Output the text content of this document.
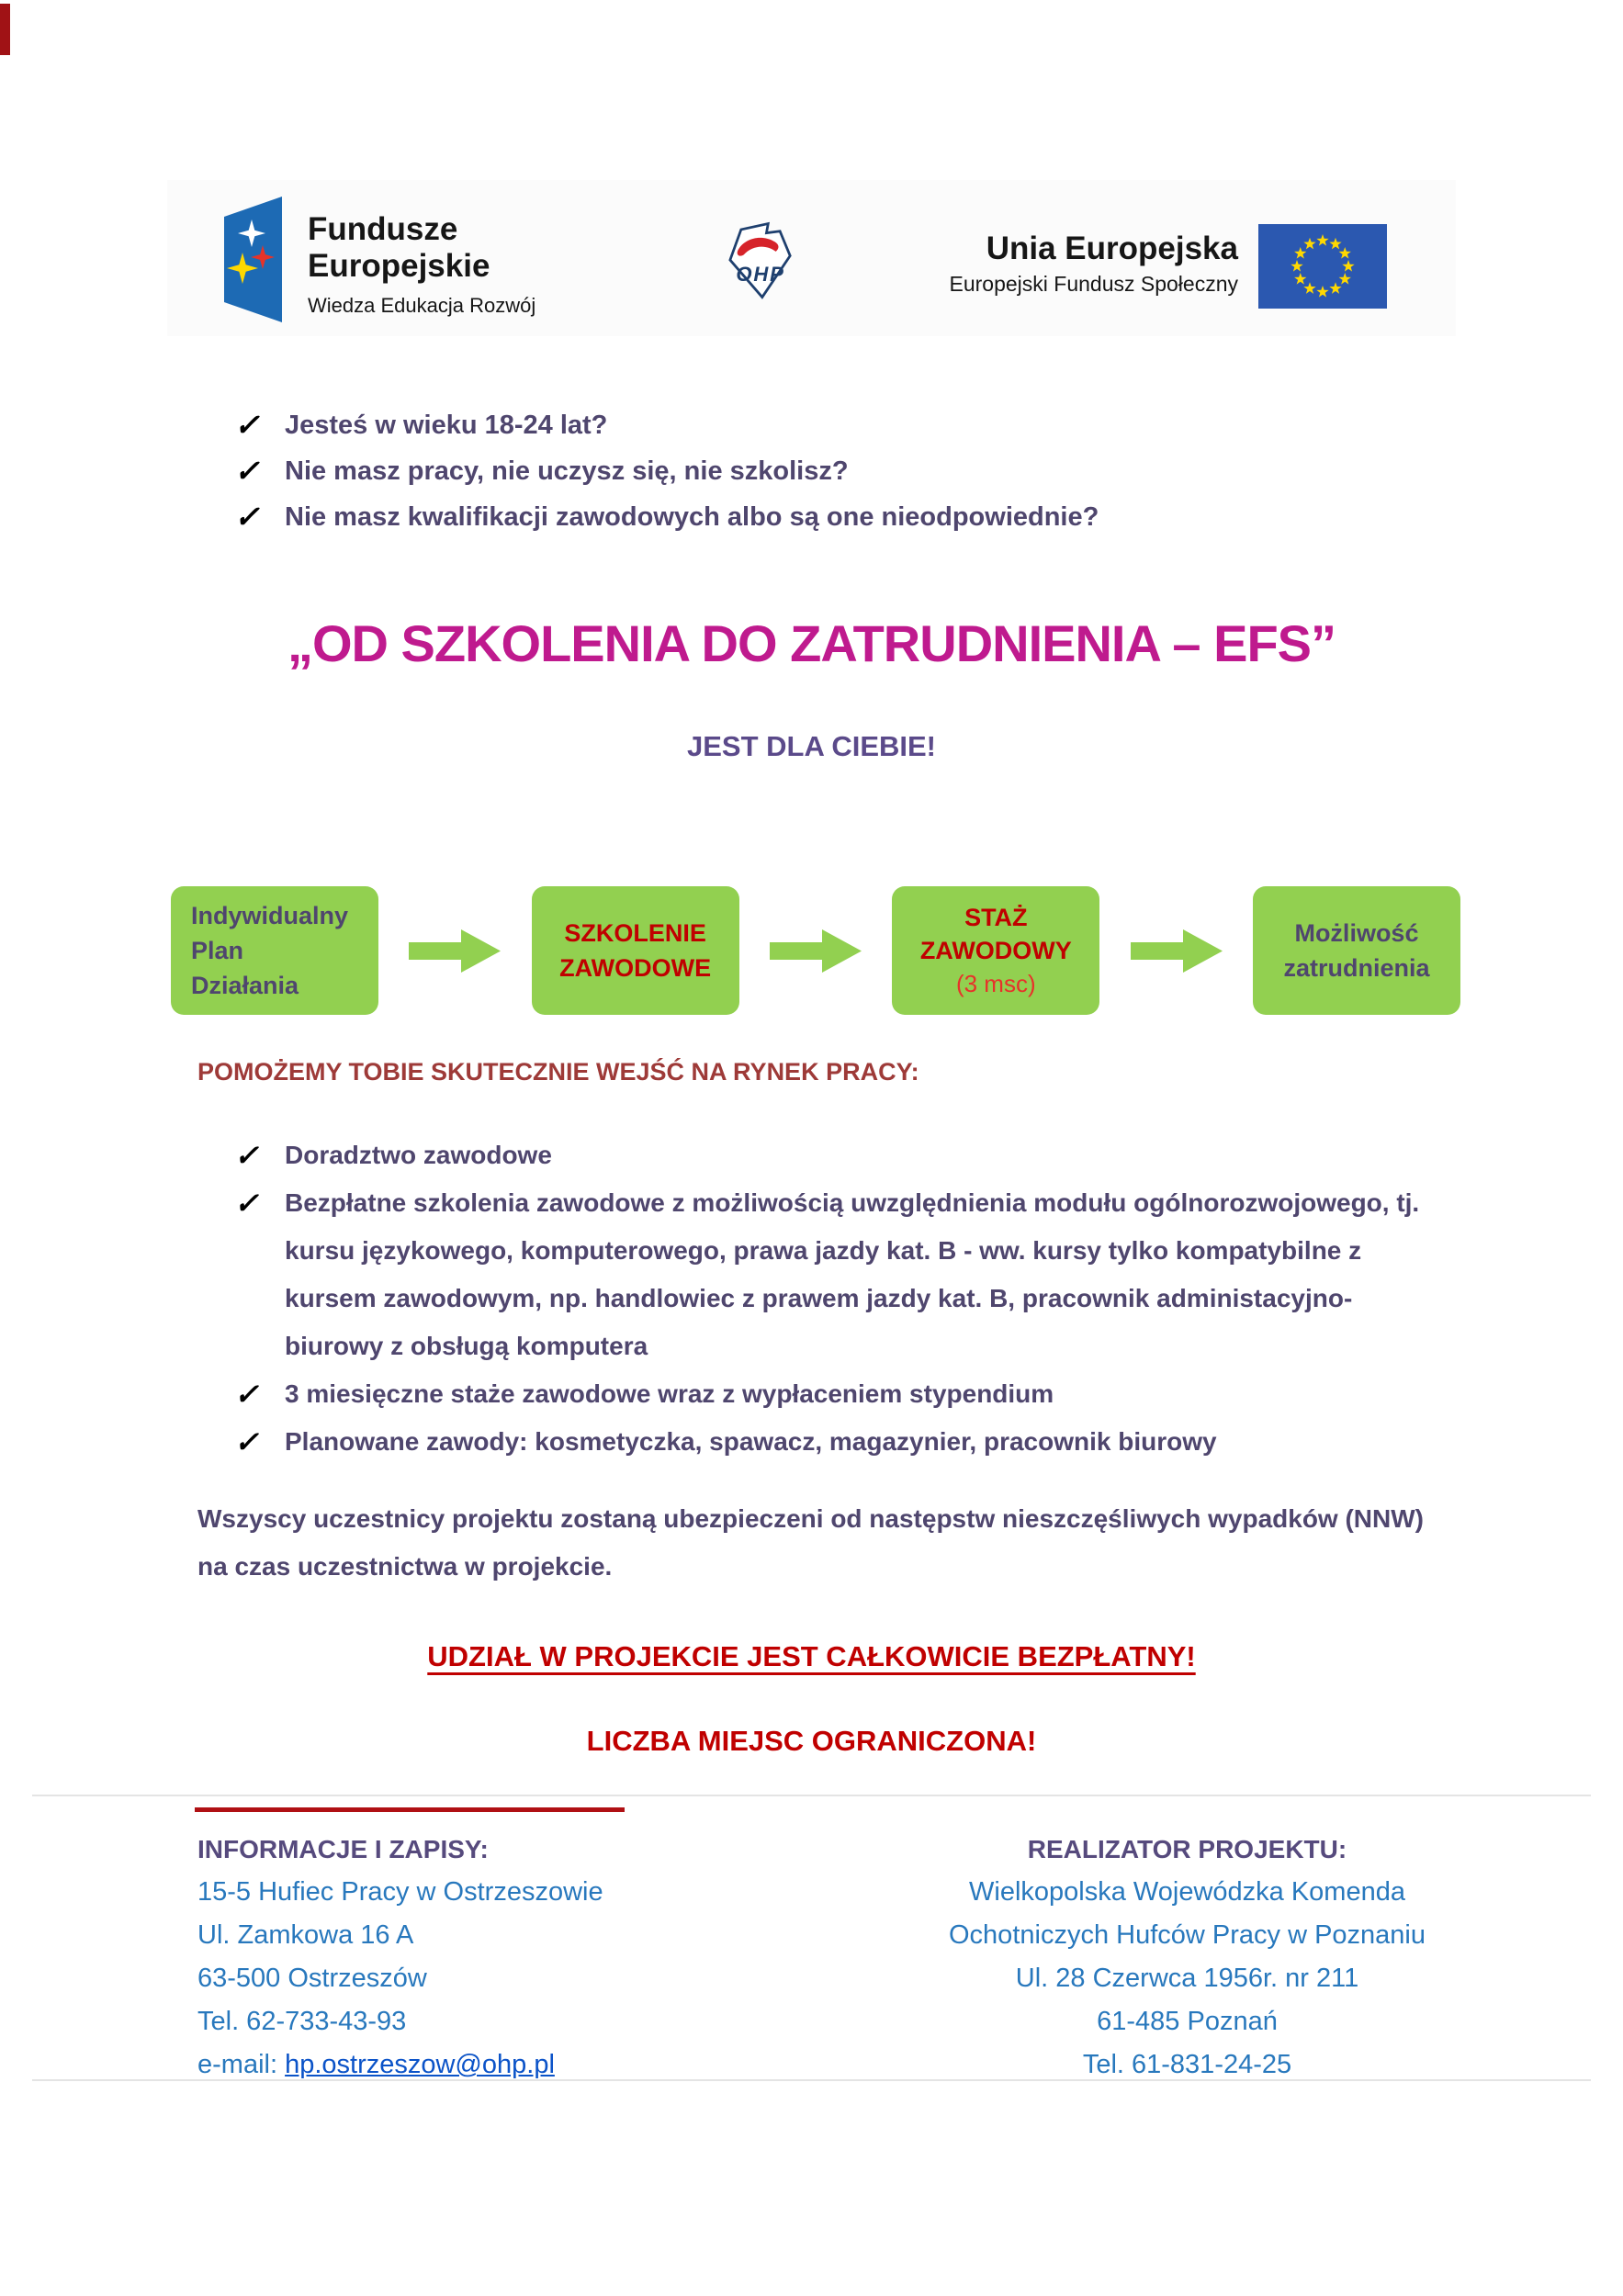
Fundusze
Europejskie
Wiedza Edukacja Rozwój
OHP
Unia Europejska
Europejski Fundusz Społeczny
✓ Jesteś w wieku 18-24 lat?
✓ Nie masz pracy, nie uczysz się, nie szkolisz?
✓ Nie masz kwalifikacji zawodowych albo są one nieodpowiednie?
„OD SZKOLENIA DO ZATRUDNIENIA – EFS”
JEST DLA CIEBIE!
Indywidualny
Plan
Działania
SZKOLENIE
ZAWODOWE
STAŻ
ZAWODOWY
(3 msc)
Możliwość
zatrudnienia
POMOŻEMY TOBIE SKUTECZNIE WEJŚĆ NA RYNEK PRACY:
✓	Doradztwo zawodowe
✓	Bezpłatne szkolenia zawodowe z możliwością uwzględnienia modułu ogólnorozwojowego, tj. kursu językowego, komputerowego, prawa jazdy kat. B - ww. kursy tylko kompatybilne z kursem zawodowym, np. handlowiec z prawem jazdy kat. B, pracownik administacyjno-biurowy z obsługą komputera
✓	3 miesięczne staże zawodowe wraz z wypłaceniem stypendium
✓	Planowane zawody: kosmetyczka, spawacz, magazynier, pracownik biurowy

Wszyscy uczestnicy projektu zostaną ubezpieczeni od następstw nieszczęśliwych wypadków (NNW) na czas uczestnictwa w projekcie.

UDZIAŁ W PROJEKCIE JEST CAŁKOWICIE BEZPŁATNY!

LICZBA MIEJSC OGRANICZONA!

INFORMACJE I ZAPISY:
15-5 Hufiec Pracy w Ostrzeszowie
Ul. Zamkowa 16 A
63-500 Ostrzeszów
Tel. 62-733-43-93
e-mail: hp.ostrzeszow@ohp.pl
REALIZATOR PROJEKTU:
Wielkopolska Wojewódzka Komenda
Ochotniczych Hufców Pracy w Poznaniu
Ul. 28 Czerwca 1956r. nr 211
61-485 Poznań
Tel. 61-831-24-25
